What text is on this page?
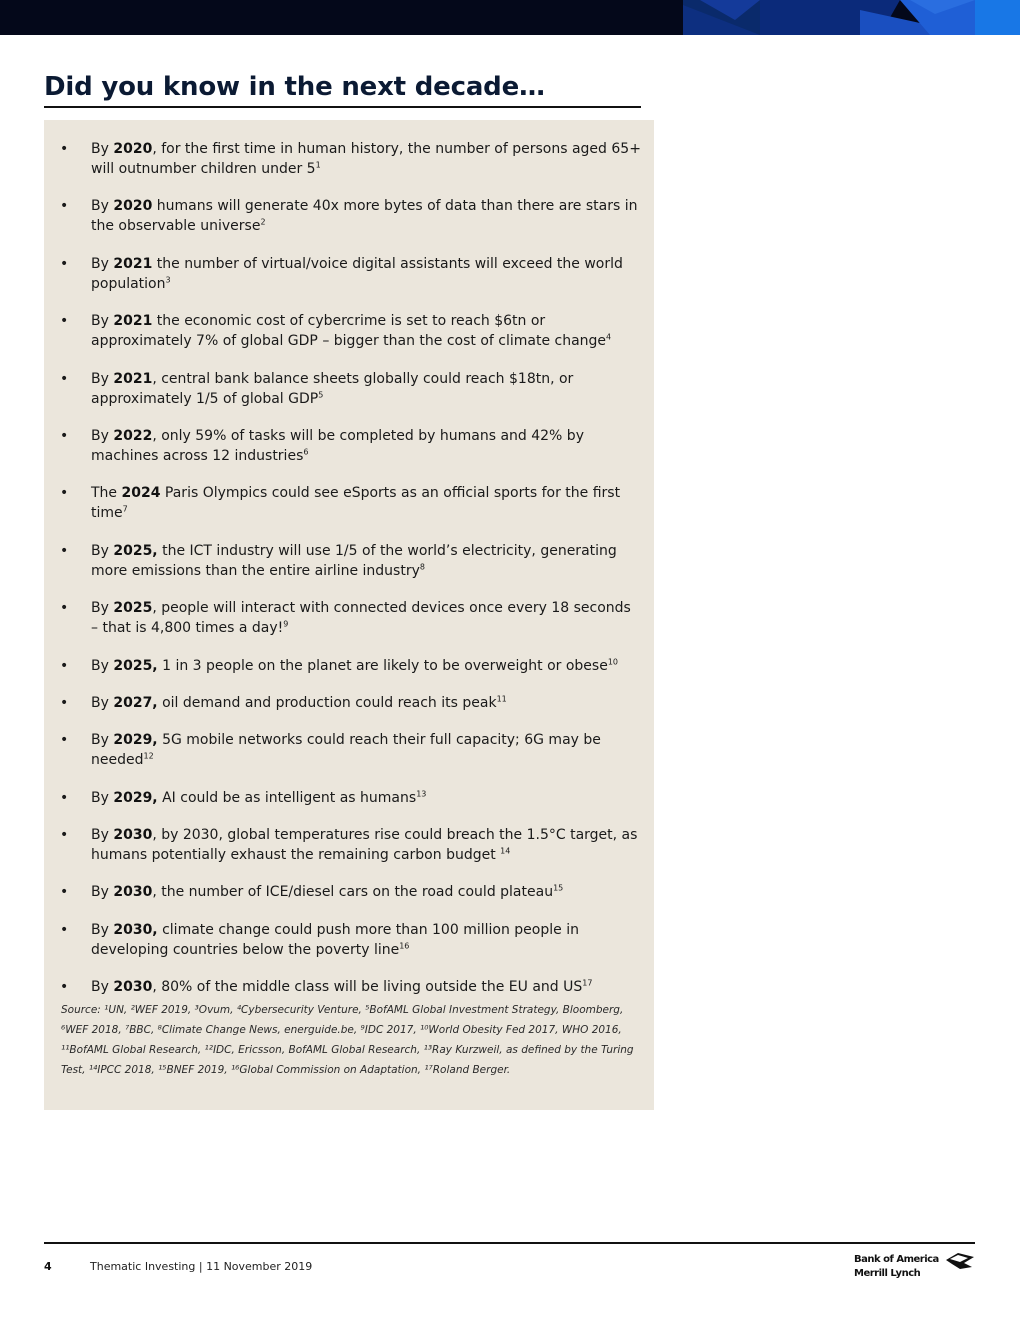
Did you know in the next decade…
• By 2020, for the first time in human history, the number of persons aged 65+ will outnumber children under $5^1$
• By 2020 humans will generate 40x more bytes of data than there are stars in the observable universe$^2$
• By 2021 the number of virtual/voice digital assistants will exceed the world population$^3$
• By 2021 the economic cost of cybercrime is set to reach $6tn or approximately 7% of global GDP – bigger than the cost of climate change$^4$
• By 2021, central bank balance sheets globally could reach $18tn, or approximately 1/5 of global GDP$^5$
• By 2022, only 59% of tasks will be completed by humans and 42% by machines across 12 industries$^6$
• The 2024 Paris Olympics could see eSports as an official sports for the first time$^7$
• By 2025, the ICT industry will use 1/5 of the world’s electricity, generating more emissions than the entire airline industry$^8$
• By 2025, people will interact with connected devices once every 18 seconds – that is 4,800 times a day!$^9$
• By 2025, 1 in 3 people on the planet are likely to be overweight or obese$^{10}$
• By 2027, oil demand and production could reach its peak$^{11}$
• By 2029, 5G mobile networks could reach their full capacity; 6G may be needed$^{12}$
• By 2029, AI could be as intelligent as humans$^{13}$
• By 2030, by 2030, global temperatures rise could breach the 1.5°C target, as humans potentially exhaust the remaining carbon budget $^{14}$
• By 2030, the number of ICE/diesel cars on the road could plateau$^{15}$
• By 2030, climate change could push more than 100 million people in developing countries below the poverty line$^{16}$
• By 2030, 80% of the middle class will be living outside the EU and US$^{17}$
Source: ¹UN, ²WEF 2019, ³Ovum, ⁴Cybersecurity Venture, ⁵BofAML Global Investment Strategy, Bloomberg, ⁶WEF 2018, ⁷BBC, ⁸Climate Change News, energuide.be, ⁹IDC 2017, ¹⁰World Obesity Fed 2017, WHO 2016, ¹¹BofAML Global Research, ¹²IDC, Ericsson, BofAML Global Research, ¹³Ray Kurzweil, as defined by the Turing Test, ¹⁴IPCC 2018, ¹⁵BNEF 2019, ¹⁶Global Commission on Adaptation, ¹⁷Roland Berger.
4	Thematic Investing | 11 November 2019
Bank of America
Merrill Lynch
